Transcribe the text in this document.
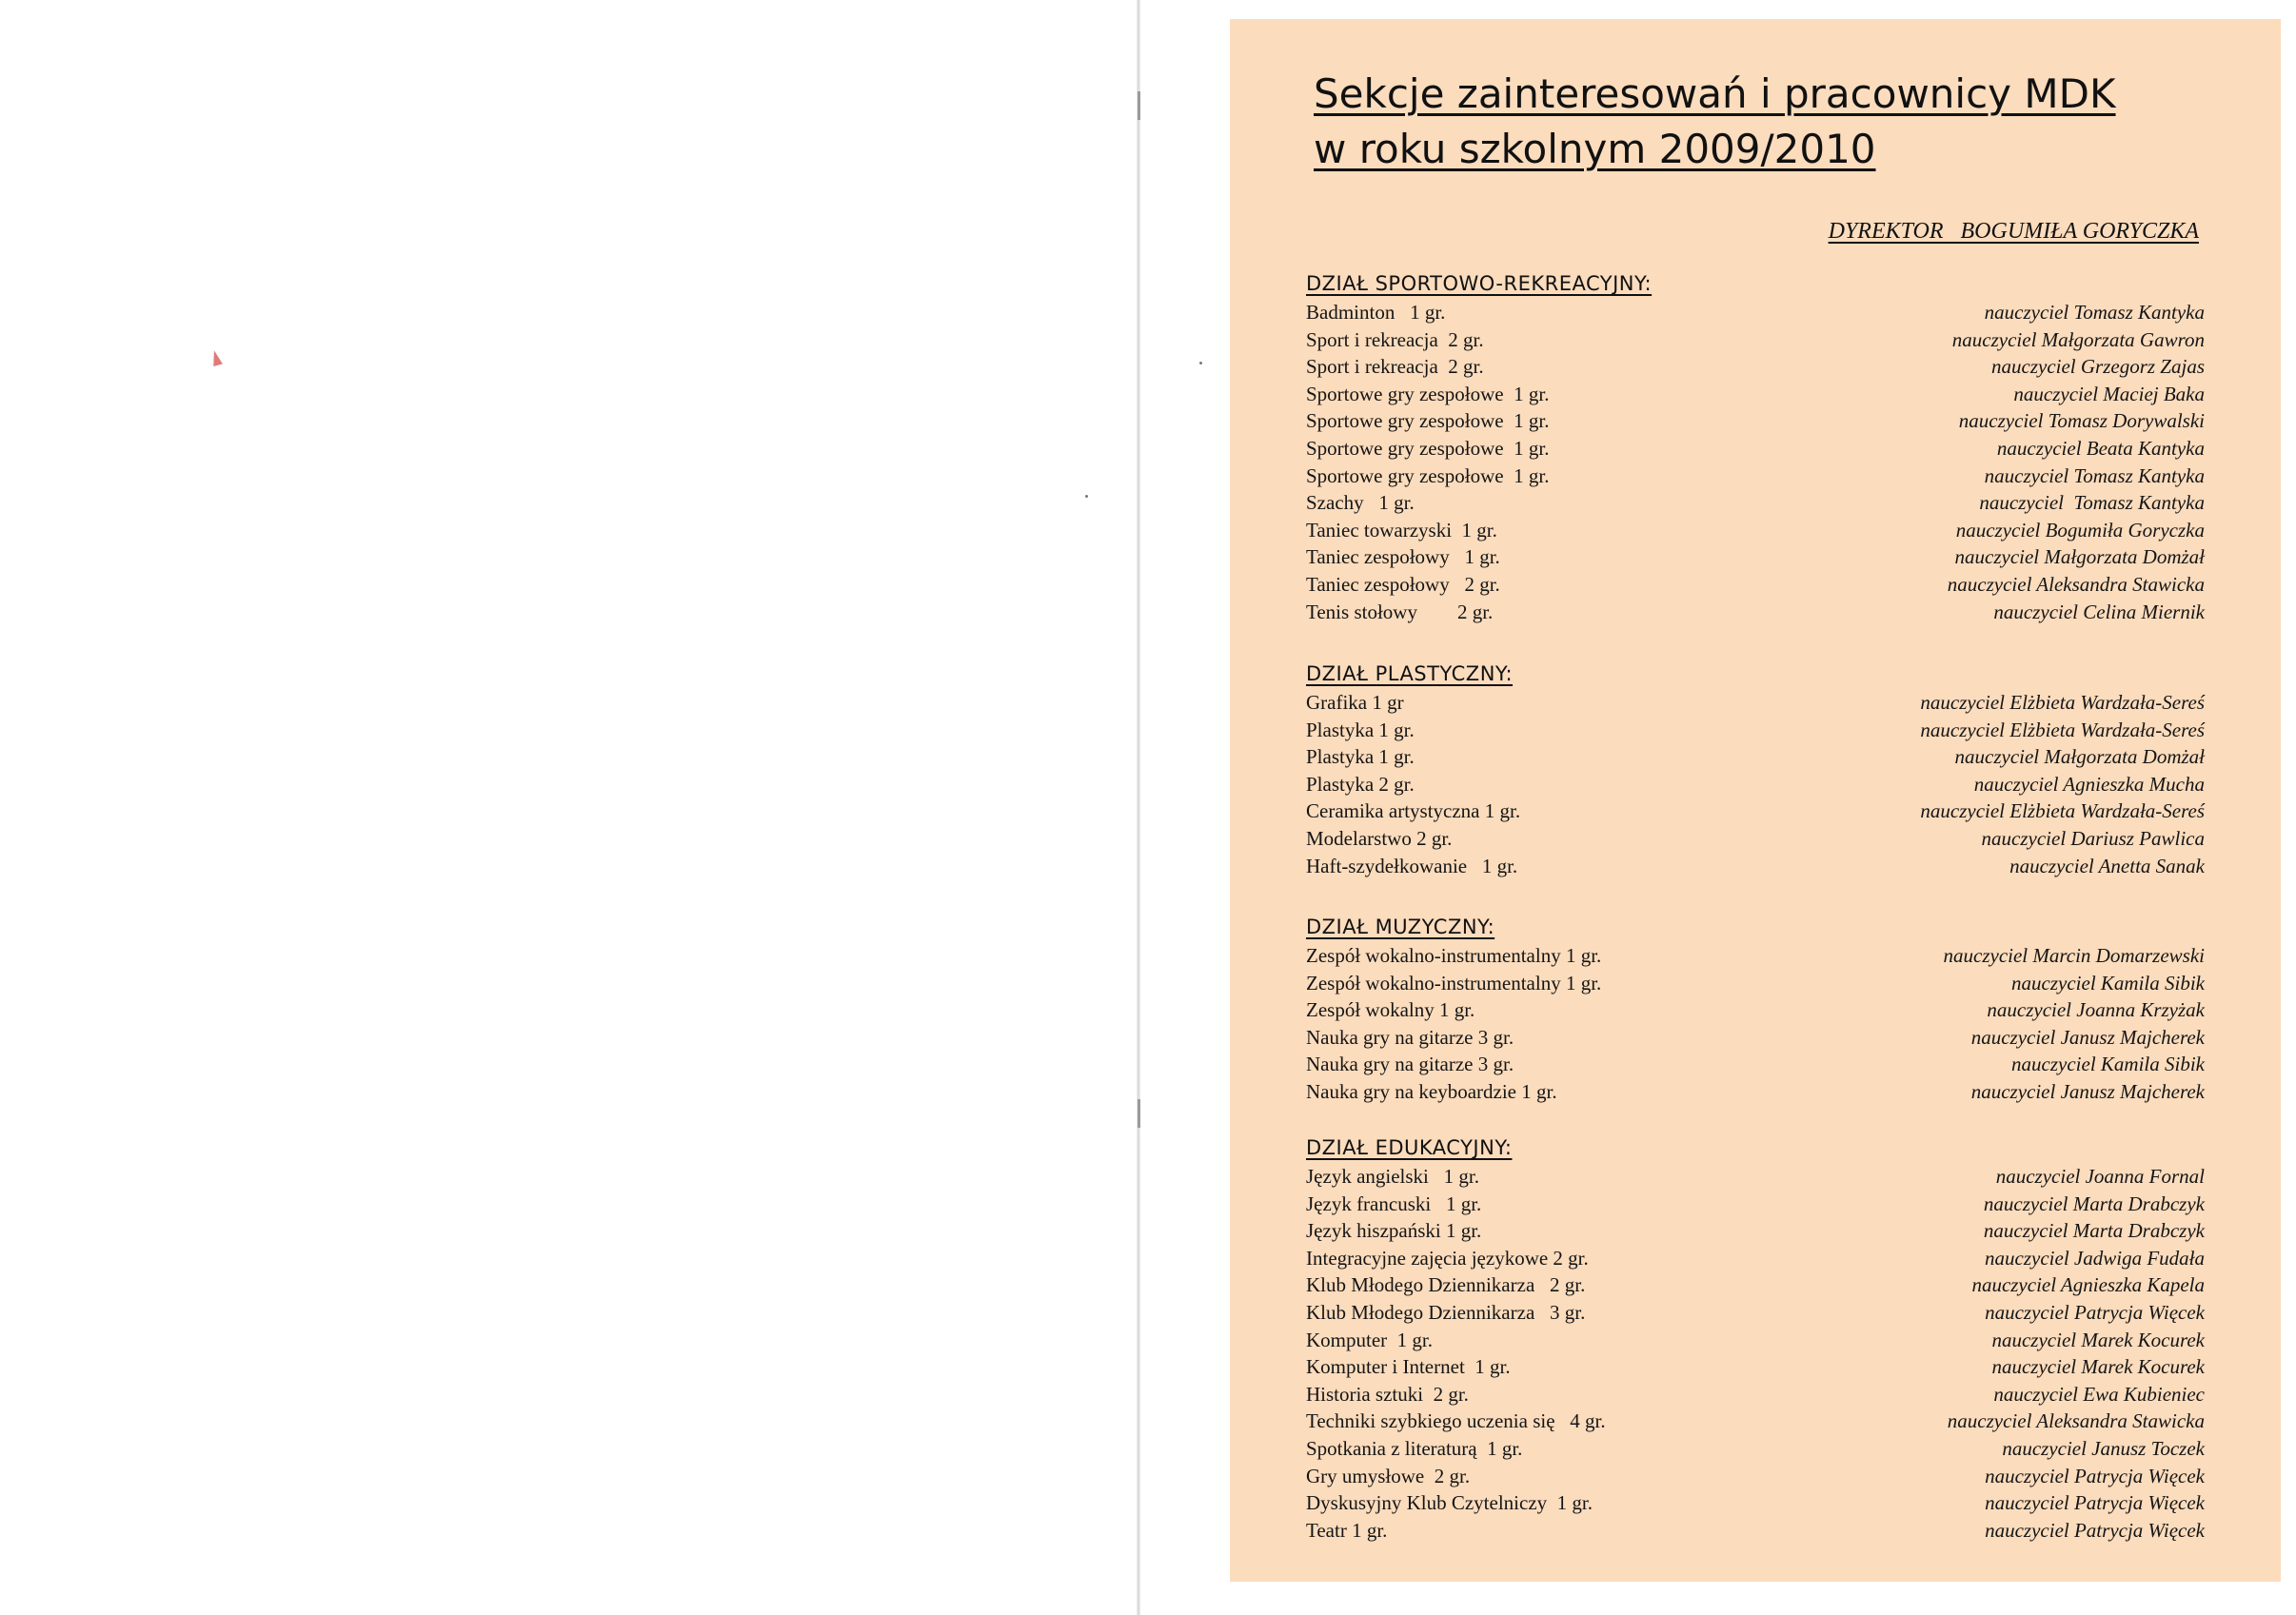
Sekcje zainteresowań i pracownicy MDK
w roku szkolnym 2009/2010
DYREKTOR   BOGUMIŁA GORYCZKA
DZIAŁ SPORTOWO-REKREACYJNY:
Badminton   1 gr.	nauczyciel Tomasz Kantyka
Sport i rekreacja  2 gr.	nauczyciel Małgorzata Gawron
Sport i rekreacja  2 gr.	nauczyciel Grzegorz Zajas
Sportowe gry zespołowe  1 gr.	nauczyciel Maciej Baka
Sportowe gry zespołowe  1 gr.	nauczyciel Tomasz Dorywalski
Sportowe gry zespołowe  1 gr.	nauczyciel Beata Kantyka
Sportowe gry zespołowe  1 gr.	nauczyciel Tomasz Kantyka
Szachy   1 gr.	nauczyciel  Tomasz Kantyka
Taniec towarzyski  1 gr.	nauczyciel Bogumiła Goryczka
Taniec zespołowy   1 gr.	nauczyciel Małgorzata Domżał
Taniec zespołowy   2 gr.	nauczyciel Aleksandra Stawicka
Tenis stołowy        2 gr.	nauczyciel Celina Miernik
DZIAŁ PLASTYCZNY:
Grafika 1 gr	nauczyciel Elżbieta Wardzała-Sereś
Plastyka 1 gr.	nauczyciel Elżbieta Wardzała-Sereś
Plastyka 1 gr.	nauczyciel Małgorzata Domżał
Plastyka 2 gr.	nauczyciel Agnieszka Mucha
Ceramika artystyczna 1 gr.	nauczyciel Elżbieta Wardzała-Sereś
Modelarstwo 2 gr.	nauczyciel Dariusz Pawlica
Haft-szydełkowanie   1 gr.	nauczyciel Anetta Sanak
DZIAŁ MUZYCZNY:
Zespół wokalno-instrumentalny 1 gr.	nauczyciel Marcin Domarzewski
Zespół wokalno-instrumentalny 1 gr.	nauczyciel Kamila Sibik
Zespół wokalny 1 gr.	nauczyciel Joanna Krzyżak
Nauka gry na gitarze 3 gr.	nauczyciel Janusz Majcherek
Nauka gry na gitarze 3 gr.	nauczyciel Kamila Sibik
Nauka gry na keyboardzie 1 gr.	nauczyciel Janusz Majcherek
DZIAŁ EDUKACYJNY:
Język angielski   1 gr.	nauczyciel Joanna Fornal
Język francuski   1 gr.	nauczyciel Marta Drabczyk
Język hiszpański 1 gr.	nauczyciel Marta Drabczyk
Integracyjne zajęcia językowe 2 gr.	nauczyciel Jadwiga Fudała
Klub Młodego Dziennikarza   2 gr.	nauczyciel Agnieszka Kapela
Klub Młodego Dziennikarza   3 gr.	nauczyciel Patrycja Więcek
Komputer  1 gr.	nauczyciel Marek Kocurek
Komputer i Internet  1 gr.	nauczyciel Marek Kocurek
Historia sztuki  2 gr.	nauczyciel Ewa Kubieniec
Techniki szybkiego uczenia się   4 gr.	nauczyciel Aleksandra Stawicka
Spotkania z literaturą  1 gr.	nauczyciel Janusz Toczek
Gry umysłowe  2 gr.	nauczyciel Patrycja Więcek
Dyskusyjny Klub Czytelniczy  1 gr.	nauczyciel Patrycja Więcek
Teatr 1 gr.	nauczyciel Patrycja Więcek
